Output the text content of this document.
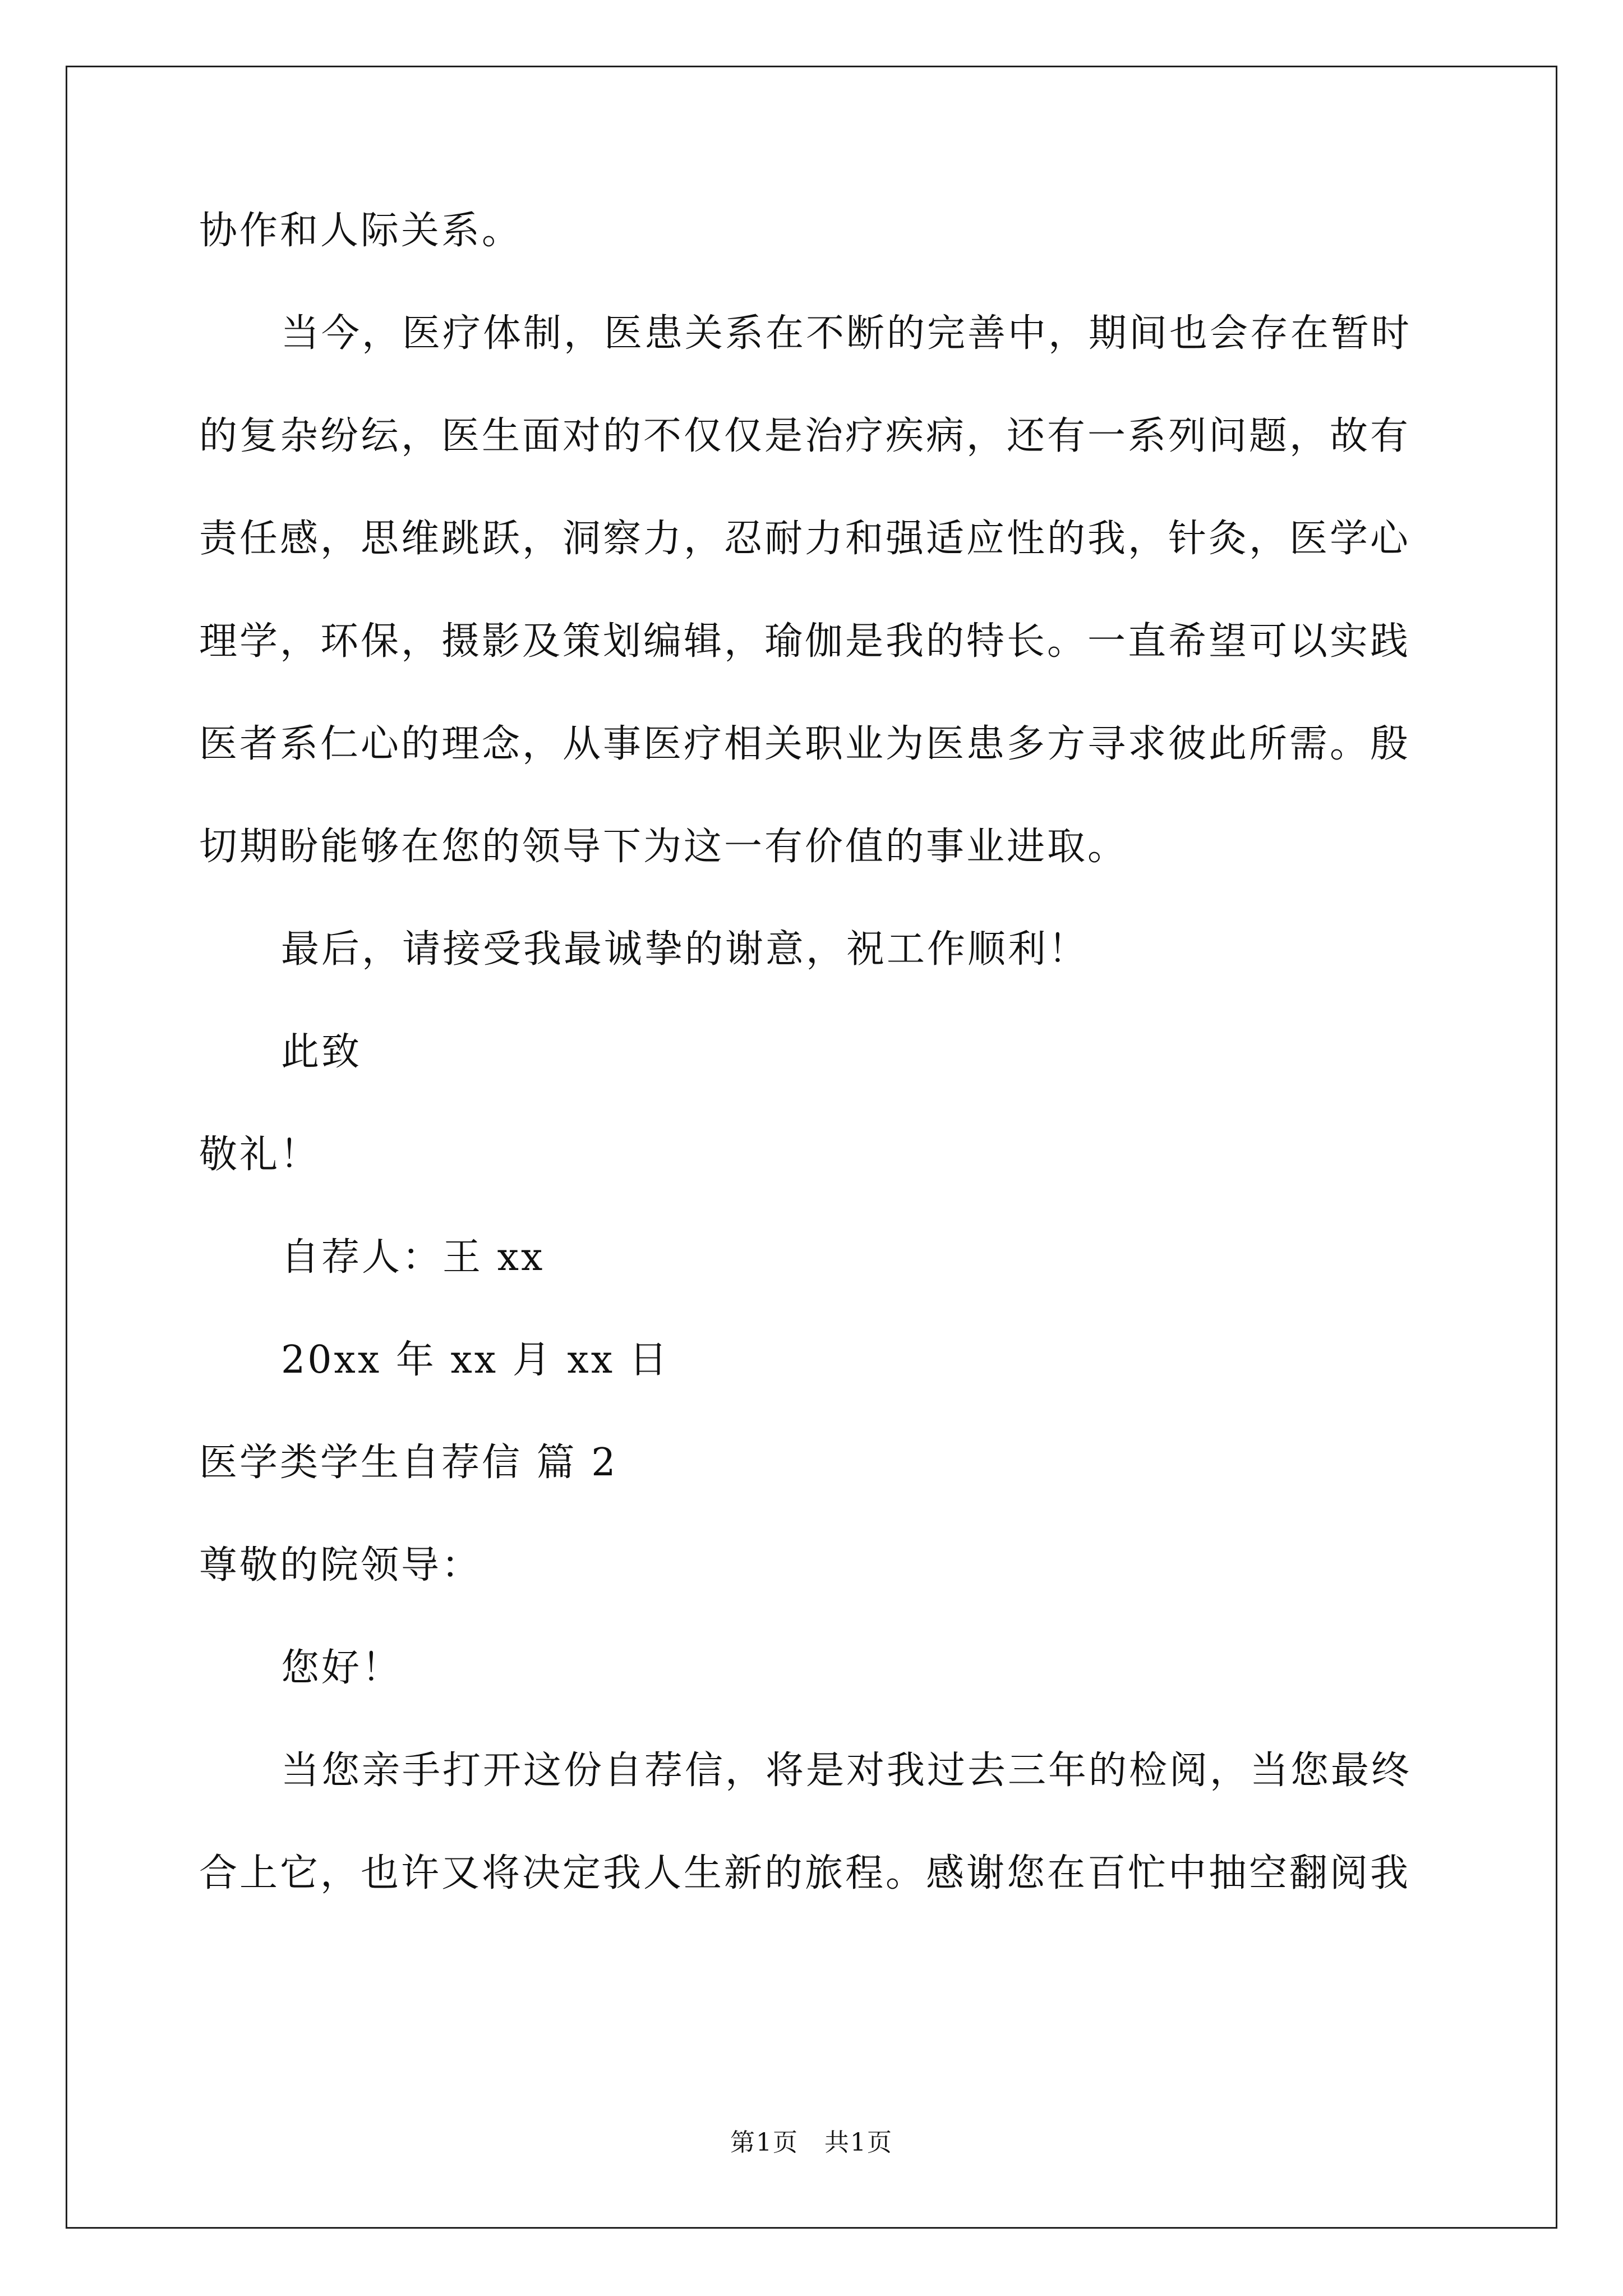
协作和人际关系。
当今，医疗体制，医患关系在不断的完善中，期间也会存在暂时
的复杂纷纭，医生面对的不仅仅是治疗疾病，还有一系列问题，故有
责任感，思维跳跃，洞察力，忍耐力和强适应性的我，针灸，医学心
理学，环保，摄影及策划编辑，瑜伽是我的特长。一直希望可以实践
医者系仁心的理念，从事医疗相关职业为医患多方寻求彼此所需。殷
切期盼能够在您的领导下为这一有价值的事业进取。
最后，请接受我最诚挚的谢意，祝工作顺利！
此致
敬礼！
自荐人：王 xx
20xx 年 xx 月 xx 日
医学类学生自荐信 篇 2
尊敬的院领导：
您好！
当您亲手打开这份自荐信，将是对我过去三年的检阅，当您最终
合上它，也许又将决定我人生新的旅程。感谢您在百忙中抽空翻阅我
第1页　共1页
